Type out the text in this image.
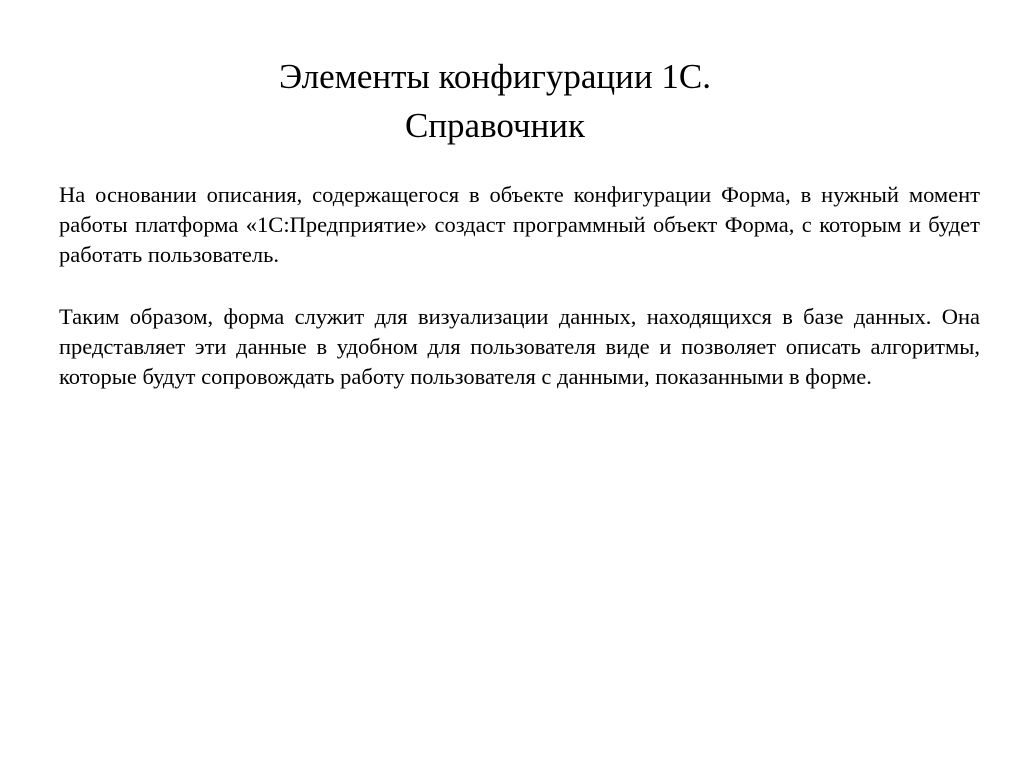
Элементы конфигурации 1С.
Справочник

На основании описания, содержащегося в объекте конфигурации Форма, в нужный момент работы платформа «1С:Предприятие» создаст программный объект Форма, с которым и будет работать пользователь.

Таким образом, форма служит для визуализации данных, находящихся в базе данных. Она представляет эти данные в удобном для пользователя виде и позволяет описать алгоритмы, которые будут сопровождать работу пользователя с данными, показанными в форме.
